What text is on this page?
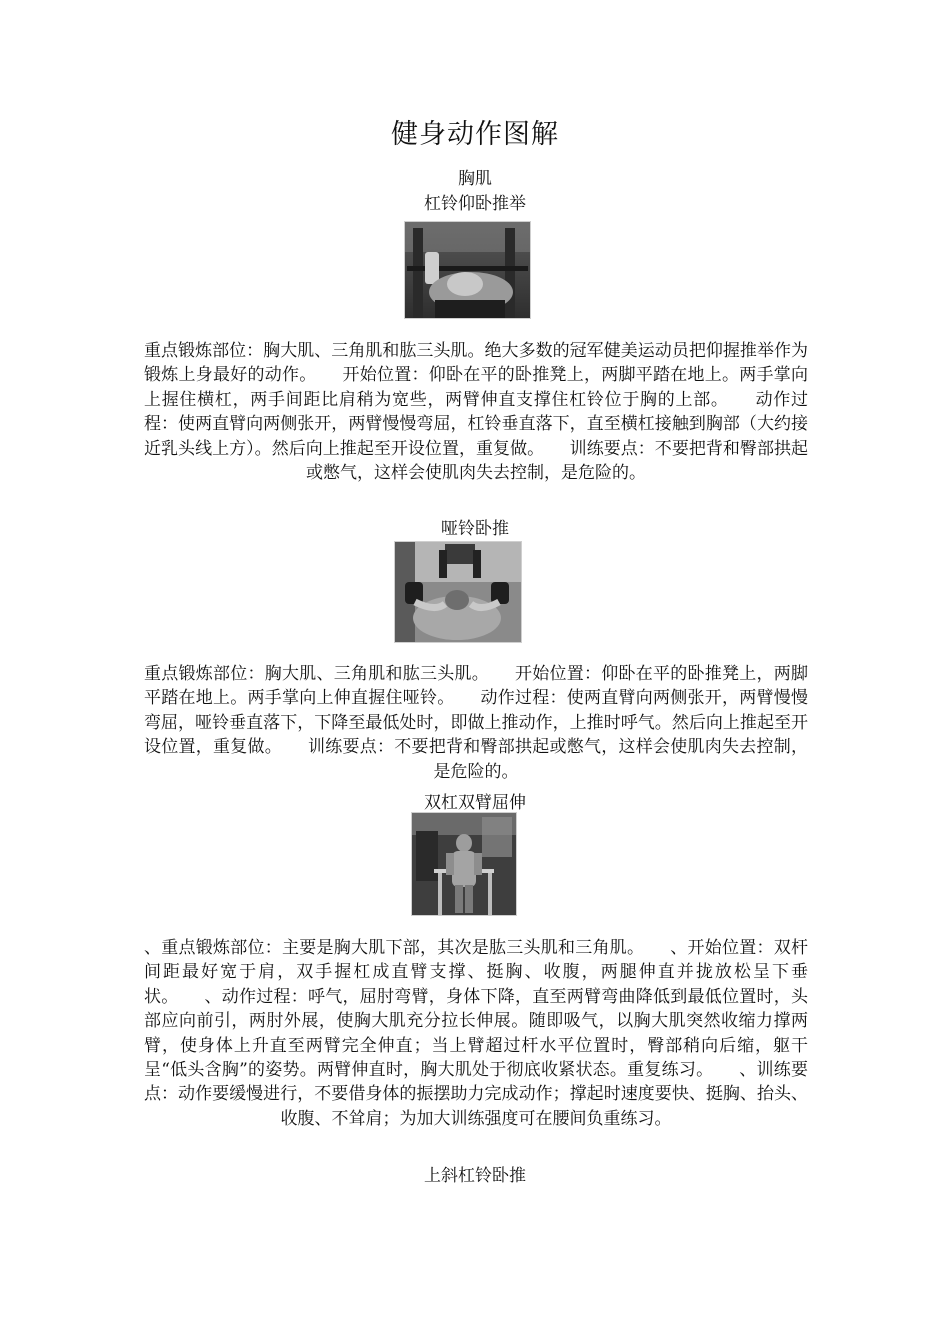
健身动作图解
胸肌
杠铃仰卧推举
重点锻炼部位：胸大肌、三角肌和肱三头肌。绝大多数的冠军健美运动员把仰握推举作为锻炼上身最好的动作。　　开始位置：仰卧在平的卧推凳上，两脚平踏在地上。两手掌向上握住横杠，两手间距比肩稍为宽些，两臂伸直支撑住杠铃位于胸的上部。　　动作过程：使两直臂向两侧张开，两臂慢慢弯屈，杠铃垂直落下，直至横杠接触到胸部（大约接近乳头线上方）。然后向上推起至开设位置，重复做。　　训练要点：不要把背和臀部拱起或憋气，这样会使肌肉失去控制，是危险的。
哑铃卧推
重点锻炼部位：胸大肌、三角肌和肱三头肌。　　开始位置：仰卧在平的卧推凳上，两脚平踏在地上。两手掌向上伸直握住哑铃。　　动作过程：使两直臂向两侧张开，两臂慢慢弯屈，哑铃垂直落下，下降至最低处时，即做上推动作，上推时呼气。然后向上推起至开设位置，重复做。　　训练要点：不要把背和臀部拱起或憋气，这样会使肌肉失去控制，是危险的。
双杠双臂屈伸
、重点锻炼部位：主要是胸大肌下部，其次是肱三头肌和三角肌。　　、开始位置：双杆间距最好宽于肩，双手握杠成直臂支撑、挺胸、收腹，两腿伸直并拢放松呈下垂状。　　、动作过程：呼气，屈肘弯臂，身体下降，直至两臂弯曲降低到最低位置时，头部应向前引，两肘外展，使胸大肌充分拉长伸展。随即吸气，以胸大肌突然收缩力撑两臂，使身体上升直至两臂完全伸直；当上臂超过杆水平位置时，臀部稍向后缩，躯干呈“低头含胸”的姿势。两臂伸直时，胸大肌处于彻底收紧状态。重复练习。　　、训练要点：动作要缓慢进行，不要借身体的振摆助力完成动作；撑起时速度要快、挺胸、抬头、收腹、不耸肩；为加大训练强度可在腰间负重练习。
上斜杠铃卧推
